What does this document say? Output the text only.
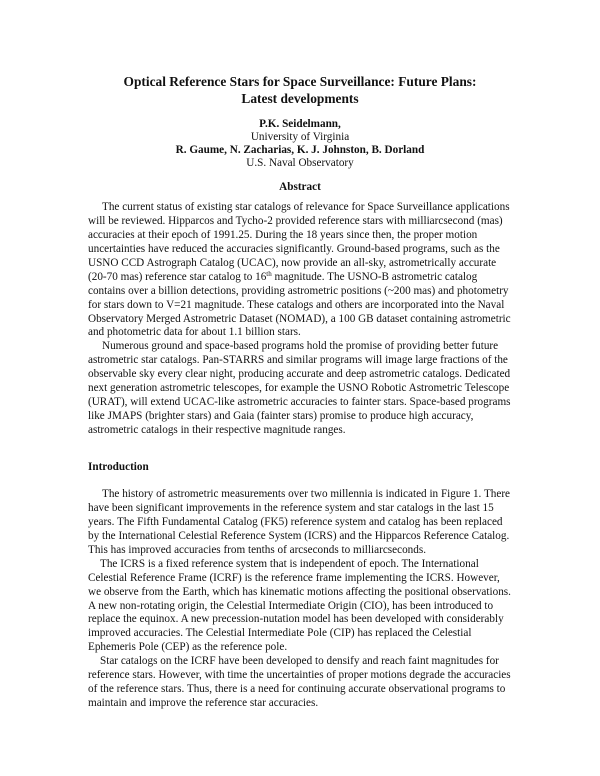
Optical Reference Stars for Space Surveillance: Future Plans:
Latest developments
P.K. Seidelmann,
University of Virginia
R. Gaume, N. Zacharias, K. J. Johnston, B. Dorland
U.S. Naval Observatory
Abstract
The current status of existing star catalogs of relevance for Space Surveillance applications
will be reviewed. Hipparcos and Tycho-2 provided reference stars with milliarcsecond (mas)
accuracies at their epoch of 1991.25. During the 18 years since then, the proper motion
uncertainties have reduced the accuracies significantly. Ground-based programs, such as the
USNO CCD Astrograph Catalog (UCAC), now provide an all-sky, astrometrically accurate
(20-70 mas) reference star catalog to 16th magnitude. The USNO-B astrometric catalog
contains over a billion detections, providing astrometric positions (~200 mas) and photometry
for stars down to V=21 magnitude. These catalogs and others are incorporated into the Naval
Observatory Merged Astrometric Dataset (NOMAD), a 100 GB dataset containing astrometric
and photometric data for about 1.1 billion stars.
Numerous ground and space-based programs hold the promise of providing better future
astrometric star catalogs. Pan-STARRS and similar programs will image large fractions of the
observable sky every clear night, producing accurate and deep astrometric catalogs. Dedicated
next generation astrometric telescopes, for example the USNO Robotic Astrometric Telescope
(URAT), will extend UCAC-like astrometric accuracies to fainter stars. Space-based programs
like JMAPS (brighter stars) and Gaia (fainter stars) promise to produce high accuracy,
astrometric catalogs in their respective magnitude ranges.
Introduction
The history of astrometric measurements over two millennia is indicated in Figure 1. There
have been significant improvements in the reference system and star catalogs in the last 15
years. The Fifth Fundamental Catalog (FK5) reference system and catalog has been replaced
by the International Celestial Reference System (ICRS) and the Hipparcos Reference Catalog.
This has improved accuracies from tenths of arcseconds to milliarcseconds.
The ICRS is a fixed reference system that is independent of epoch. The International
Celestial Reference Frame (ICRF) is the reference frame implementing the ICRS. However,
we observe from the Earth, which has kinematic motions affecting the positional observations.
A new non-rotating origin, the Celestial Intermediate Origin (CIO), has been introduced to
replace the equinox. A new precession-nutation model has been developed with considerably
improved accuracies. The Celestial Intermediate Pole (CIP) has replaced the Celestial
Ephemeris Pole (CEP) as the reference pole.
Star catalogs on the ICRF have been developed to densify and reach faint magnitudes for
reference stars. However, with time the uncertainties of proper motions degrade the accuracies
of the reference stars. Thus, there is a need for continuing accurate observational programs to
maintain and improve the reference star accuracies.
